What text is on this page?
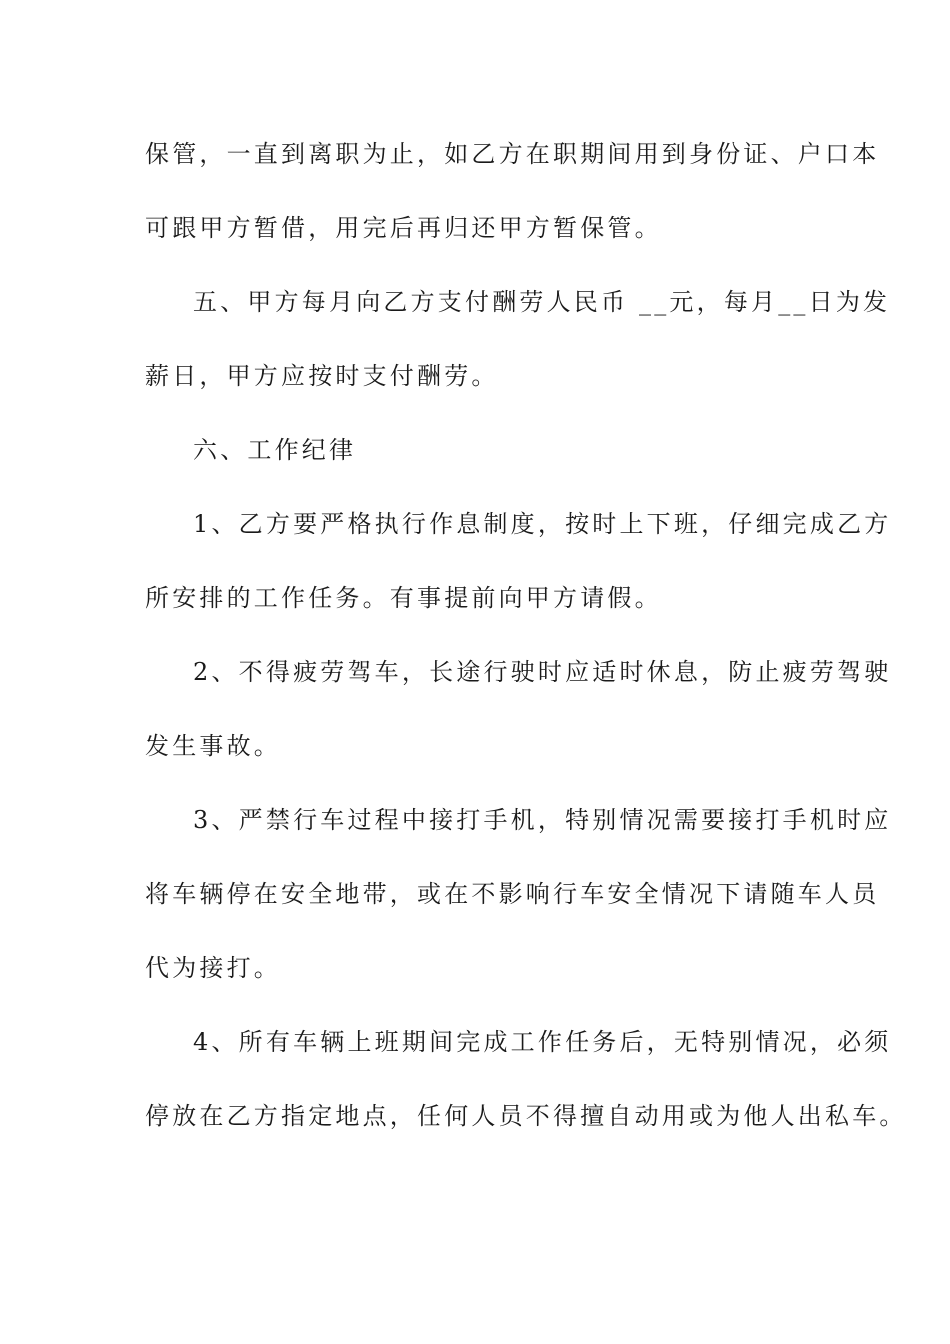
保管，一直到离职为止，如乙方在职期间用到身份证、户口本
可跟甲方暂借，用完后再归还甲方暂保管。
五、甲方每月向乙方支付酬劳人民币 __元，每月__日为发
薪日，甲方应按时支付酬劳。
六、工作纪律
1、乙方要严格执行作息制度，按时上下班，仔细完成乙方
所安排的工作任务。有事提前向甲方请假。
2、不得疲劳驾车，长途行驶时应适时休息，防止疲劳驾驶
发生事故。
3、严禁行车过程中接打手机，特别情况需要接打手机时应
将车辆停在安全地带，或在不影响行车安全情况下请随车人员
代为接打。
4、所有车辆上班期间完成工作任务后，无特别情况，必须
停放在乙方指定地点，任何人员不得擅自动用或为他人出私车。
